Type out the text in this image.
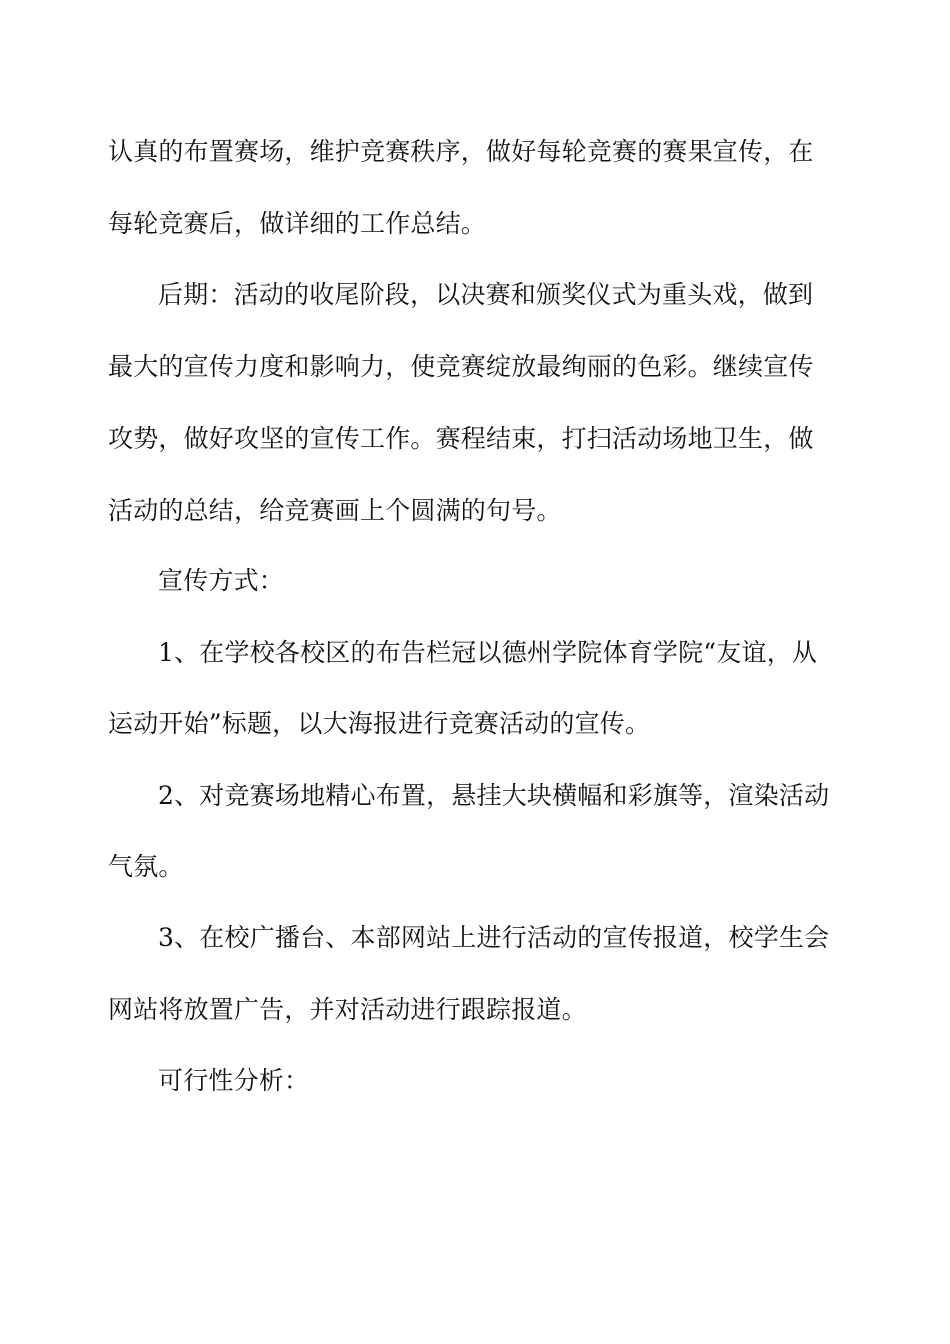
认真的布置赛场，维护竞赛秩序，做好每轮竞赛的赛果宣传，在
每轮竞赛后，做详细的工作总结。
后期：活动的收尾阶段，以决赛和颁奖仪式为重头戏，做到
最大的宣传力度和影响力，使竞赛绽放最绚丽的色彩。继续宣传
攻势，做好攻坚的宣传工作。赛程结束，打扫活动场地卫生，做
活动的总结，给竞赛画上个圆满的句号。
宣传方式：
1、在学校各校区的布告栏冠以德州学院体育学院“友谊，从
运动开始”标题，以大海报进行竞赛活动的宣传。
2、对竞赛场地精心布置，悬挂大块横幅和彩旗等，渲染活动
气氛。
3、在校广播台、本部网站上进行活动的宣传报道，校学生会
网站将放置广告，并对活动进行跟踪报道。
可行性分析：
